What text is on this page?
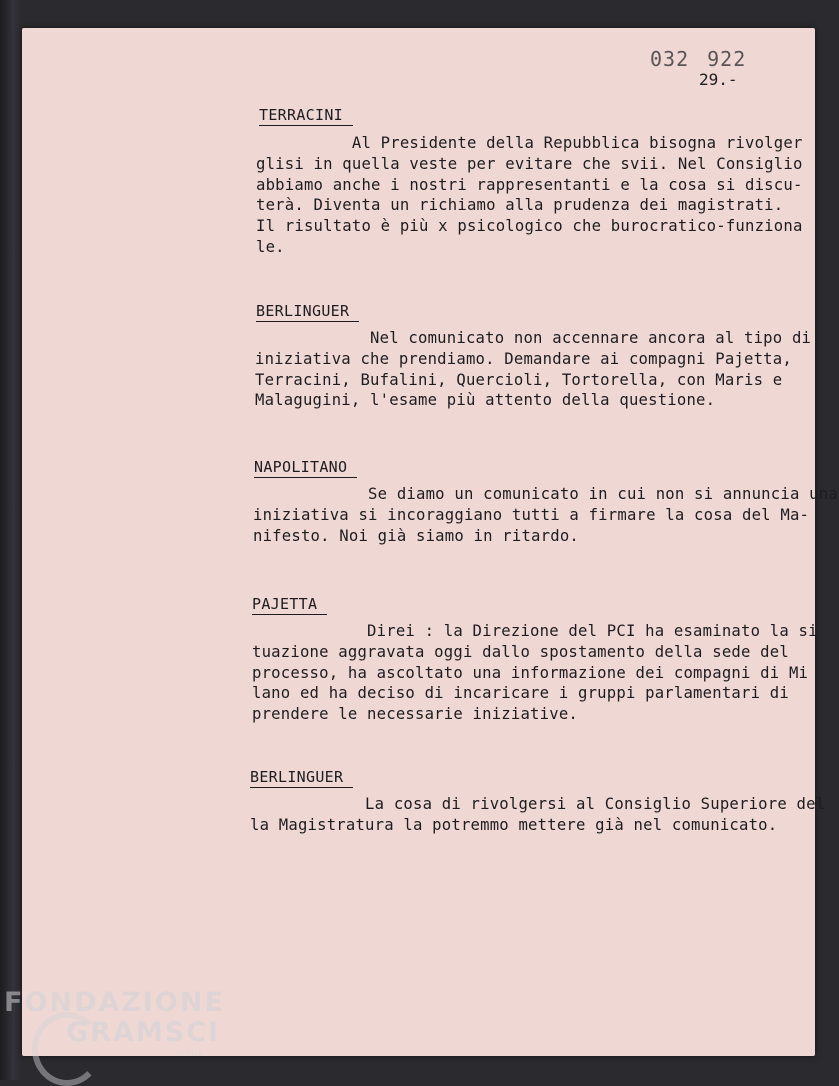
032 922
29.-
TERRACINI
Al Presidente della Repubblica bisogna rivolger
glisi in quella veste per evitare che svii. Nel Consiglio
abbiamo anche i nostri rappresentanti e la cosa si discu-
terà. Diventa un richiamo alla prudenza dei magistrati.
Il risultato è più x psicologico che burocratico-funziona
le.
BERLINGUER
Nel comunicato non accennare ancora al tipo di
iniziativa che prendiamo. Demandare ai compagni Pajetta,
Terracini, Bufalini, Quercioli, Tortorella, con Maris e
Malagugini, l'esame più attento della questione.
NAPOLITANO
Se diamo un comunicato in cui non si annuncia una
iniziativa si incoraggiano tutti a firmare la cosa del Ma-
nifesto. Noi già siamo in ritardo.
PAJETTA
Direi : la Direzione del PCI ha esaminato la si
tuazione aggravata oggi dallo spostamento della sede del
processo, ha ascoltato una informazione dei compagni di Mi
lano ed ha deciso di incaricare i gruppi parlamentari di
prendere le necessarie iniziative.
BERLINGUER
La cosa di rivolgersi al Consiglio Superiore del
la Magistratura la potremmo mettere già nel comunicato.
FONDAZIONE
GRAMSCI
onlus
